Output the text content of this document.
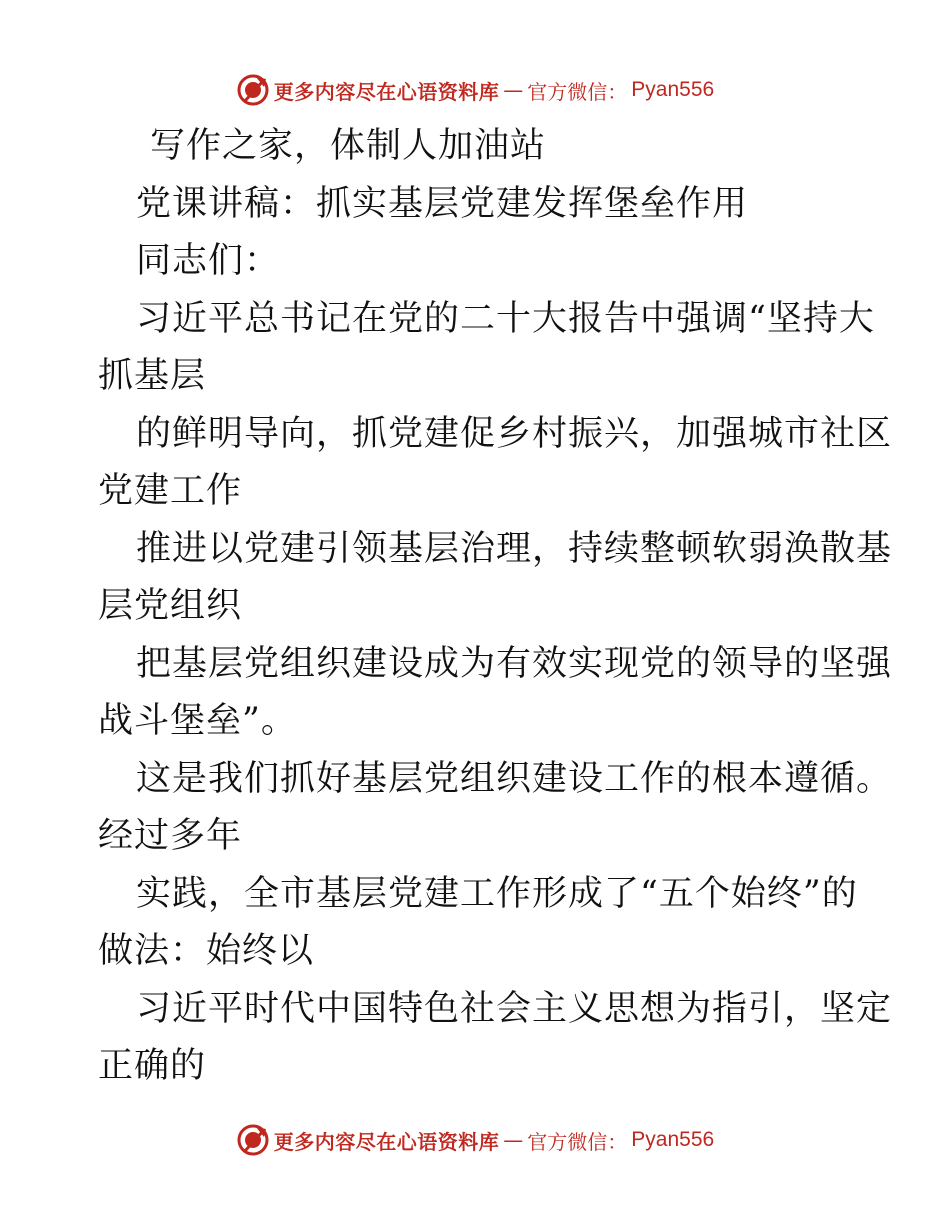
更多内容尽在心语资料库 — 官方微信： Pyan556
写作之家，体制人加油站
党课讲稿：抓实基层党建发挥堡垒作用
同志们：
习近平总书记在党的二十大报告中强调“坚持大
抓基层
的鲜明导向，抓党建促乡村振兴，加强城市社区
党建工作
推进以党建引领基层治理，持续整顿软弱涣散基
层党组织
把基层党组织建设成为有效实现党的领导的坚强
战斗堡垒”。
这是我们抓好基层党组织建设工作的根本遵循。
经过多年
实践，全市基层党建工作形成了“五个始终”的
做法：始终以
习近平时代中国特色社会主义思想为指引，坚定
正确的
更多内容尽在心语资料库 — 官方微信： Pyan556
